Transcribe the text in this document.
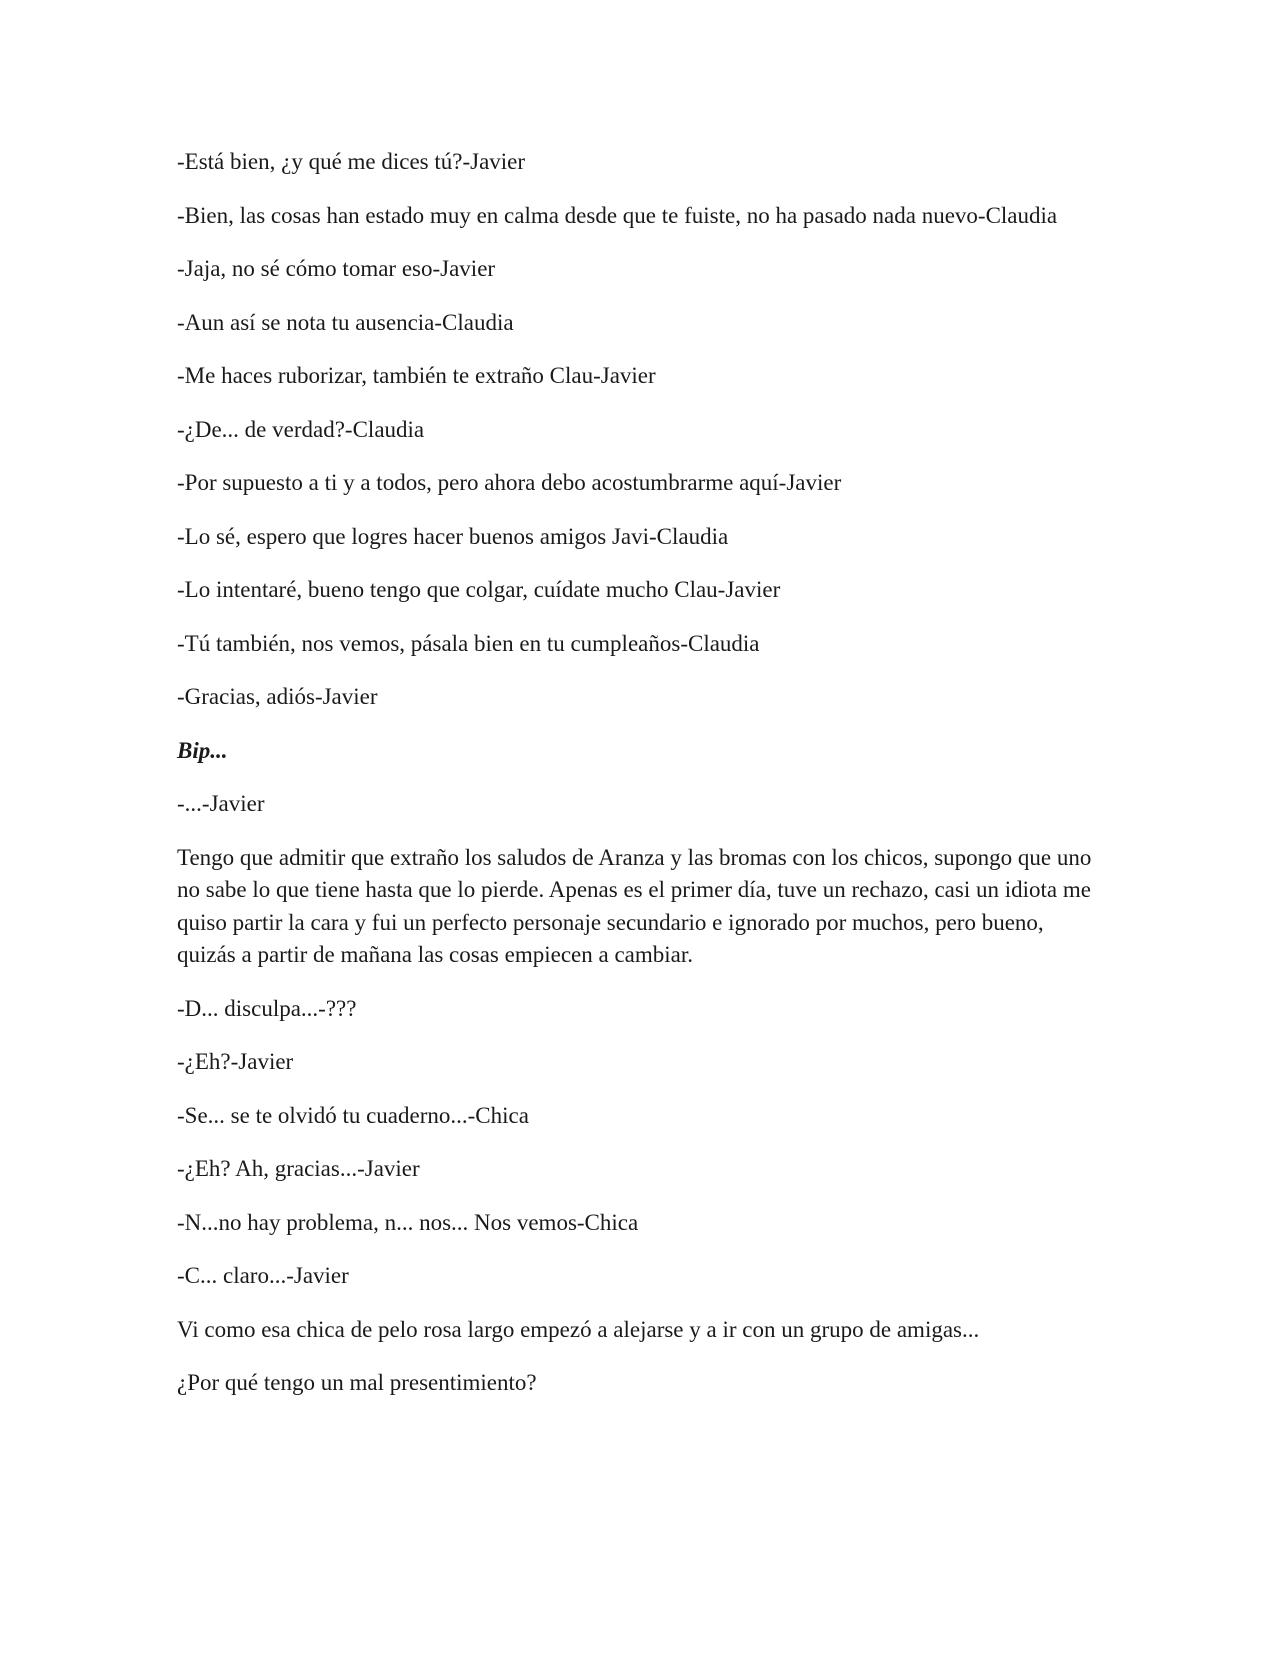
-Está bien, ¿y qué me dices tú?-Javier

-Bien, las cosas han estado muy en calma desde que te fuiste, no ha pasado nada nuevo-Claudia

-Jaja, no sé cómo tomar eso-Javier

-Aun así se nota tu ausencia-Claudia

-Me haces ruborizar, también te extraño Clau-Javier

-¿De... de verdad?-Claudia

-Por supuesto a ti y a todos, pero ahora debo acostumbrarme aquí-Javier

-Lo sé, espero que logres hacer buenos amigos Javi-Claudia

-Lo intentaré, bueno tengo que colgar, cuídate mucho Clau-Javier

-Tú también, nos vemos, pásala bien en tu cumpleaños-Claudia

-Gracias, adiós-Javier

Bip...

-...-Javier

Tengo que admitir que extraño los saludos de Aranza y las bromas con los chicos, supongo que uno no sabe lo que tiene hasta que lo pierde. Apenas es el primer día, tuve un rechazo, casi un idiota me quiso partir la cara y fui un perfecto personaje secundario e ignorado por muchos, pero bueno, quizás a partir de mañana las cosas empiecen a cambiar.

-D... disculpa...-???

-¿Eh?-Javier

-Se... se te olvidó tu cuaderno...-Chica

-¿Eh? Ah, gracias...-Javier

-N...no hay problema, n... nos... Nos vemos-Chica

-C... claro...-Javier

Vi como esa chica de pelo rosa largo empezó a alejarse y a ir con un grupo de amigas...

¿Por qué tengo un mal presentimiento?
